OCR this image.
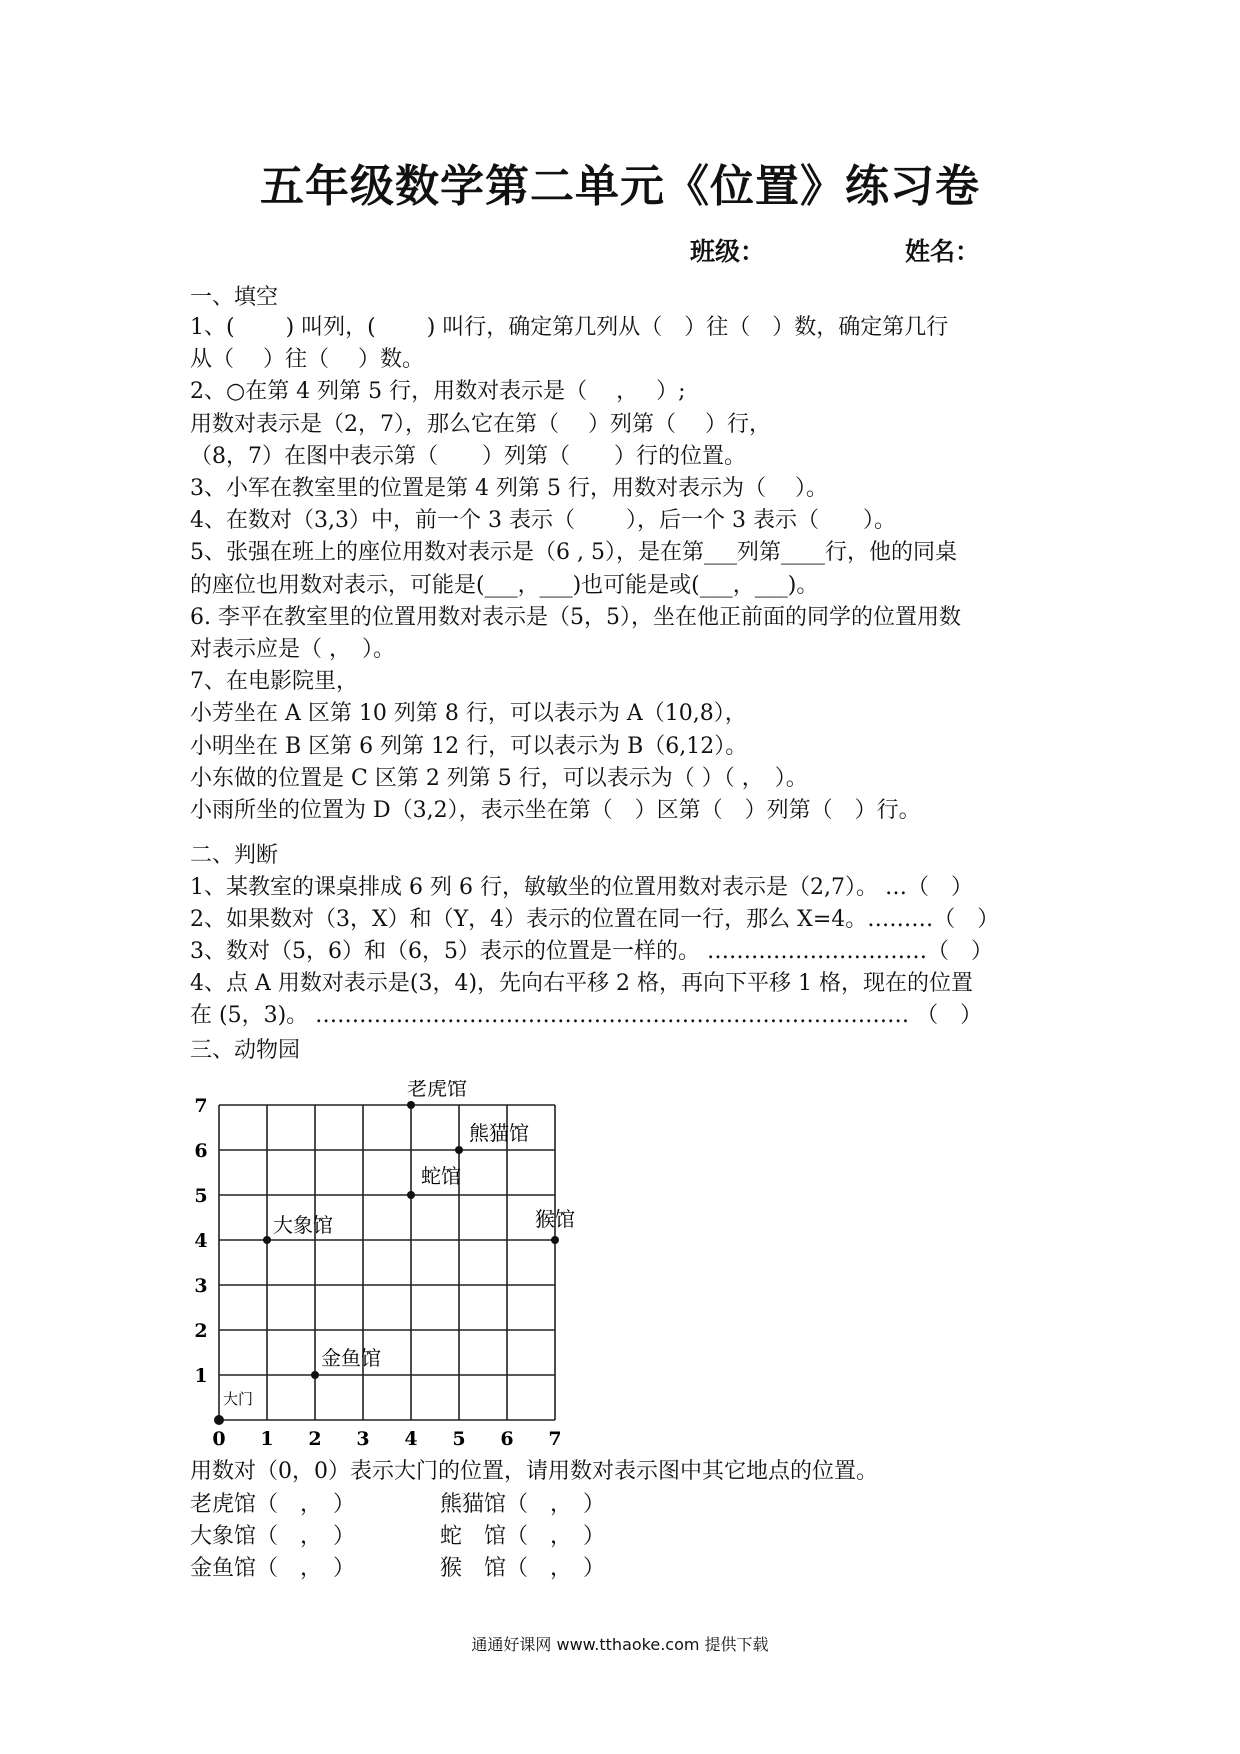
五年级数学第二单元《位置》练习卷
班级：	姓名：
一、填空
1、(　　 ) 叫列，(　　 ) 叫行，确定第几列从（　）往（　）数，确定第几行
从（　 ）往（　 ）数。
2、○在第 4 列第 5 行，用数对表示是（　 ，　 ）;
用数对表示是（2，7），那么它在第（　 ）列第（　 ）行，
（8，7）在图中表示第（　　）列第（　　）行的位置。
3、小军在教室里的位置是第 4 列第 5 行，用数对表示为（　 ）。
4、在数对（3,3）中，前一个 3 表示（　　 ），后一个 3 表示（　　）。
5、张强在班上的座位用数对表示是（6 , 5），是在第___列第____行，他的同桌
的座位也用数对表示，可能是(___，___)也可能是或(___，___)。
6. 李平在教室里的位置用数对表示是（5，5），坐在他正前面的同学的位置用数
对表示应是（ ，　）。
7、在电影院里，
小芳坐在 A 区第 10 列第 8 行，可以表示为 A（10,8），
小明坐在 B 区第 6 列第 12 行，可以表示为 B（6,12）。
小东做的位置是 C 区第 2 列第 5 行，可以表示为（ ）（ ，　）。
小雨所坐的位置为 D（3,2），表示坐在第（　）区第（　）列第（　）行。
二、判断
1、某教室的课桌排成 6 列 6 行，敏敏坐的位置用数对表示是（2,7）。 …（　）
2、如果数对（3，X）和（Y，4）表示的位置在同一行，那么 X=4。………（　）
3、数对（5，6）和（6，5）表示的位置是一样的。 …………………………（　）
4、点 A 用数对表示是(3，4)，先向右平移 2 格，再向下平移 1 格，现在的位置
在 (5，3)。 ……………………………………………………………………… （　）
三、动物园
0 1 2 3 4 5 6 7
1
2
3
4
5
6
7
老虎馆
熊猫馆
蛇馆
大象馆	猴馆
金鱼馆
大门
用数对（0，0）表示大门的位置，请用数对表示图中其它地点的位置。
老虎馆（　，　）	熊猫馆（　，　）
大象馆（　，　）	蛇　馆（　，　）
金鱼馆（　，　）	猴　馆（　，　）
通通好课网 www.tthaoke.com 提供下载
